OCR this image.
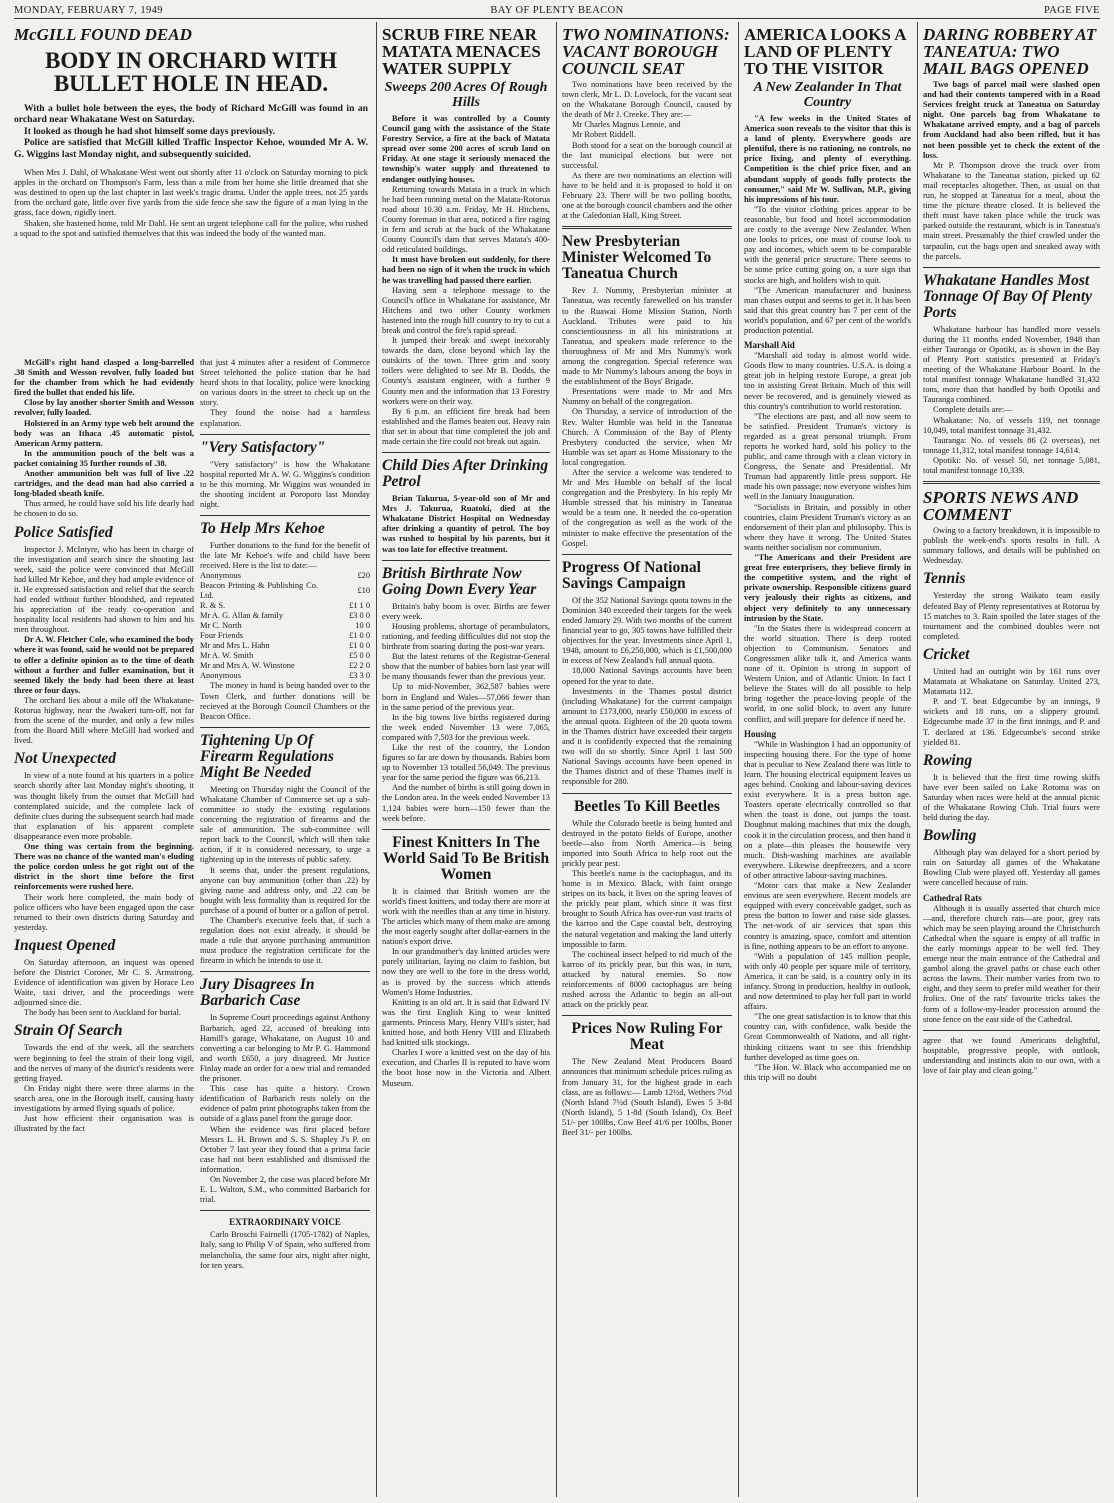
MONDAY, FEBRUARY 7, 1949	BAY OF PLENTY BEACON	PAGE FIVE
McGILL FOUND DEAD
BODY IN ORCHARD WITH BULLET HOLE IN HEAD.

With a bullet hole between the eyes, the body of Richard McGill was found in an orchard near Whakatane West on Saturday.

It looked as though he had shot himself some days previously.

Police are satisfied that McGill killed Traffic Inspector Kehoe, wounded Mr A. W. G. Wiggins last Monday night, and subsequently suicided.

When Mrs J. Dahl, of Whakatane West went out shortly after 11 o'clock on Saturday morning to pick apples in the orchard on Thompson's Farm, less than a mile from her home she little dreamed that she was destined to open up the last chapter in last week's tragic drama. Under the apple trees, not 25 yards from the orchard gate, little over five yards from the side fence she saw the figure of a man lying in the grass, face down, rigidly inert.

Shaken, she hastened home, told Mr Dahl. He sent an urgent telephone call for the police, who rushed a squad to the spot and satisfied themselves that this was indeed the body of the wanted man.

McGill's right hand clasped a long-barrelled .38 Smith and Wesson revolver, fully loaded but for the chamber from which he had evidently fired the bullet that ended his life.

Close by lay another shorter Smith and Wesson revolver, fully loaded.

Holstered in an Army type web belt around the body was an Ithaca .45 automatic pistol, American Army pattern.

In the ammunition pouch of the belt was a packet containing 35 further rounds of .38.

Another ammunition belt was full of live .22 cartridges, and the dead man had also carried a long-bladed sheath knife.

Thus armed, he could have sold his life dearly had he chosen to do so.

Police Satisfied

Inspector J. McIntyre, who has been in charge of the investigation and search since the shooting last week, said the police were convinced that McGill had killed Mr Kehoe, and they had ample evidence of it. He expressed satisfaction and relief that the search had ended without further bloodshed, and repeated his appreciation of the ready co-operation and hospitality local residents had shown to him and his men throughout.

Dr A. W. Fletcher Cole, who examined the body where it was found, said he would not be prepared to offer a definite opinion as to the time of death without a further and fuller examination, but it seemed likely the body had been there at least three or four days.

The orchard lies about a mile off the Whakatane-Rotorua highway, near the Awakeri turn-off, not far from the scene of the murder, and only a few miles from the Board Mill where McGill had worked and lived.

Not Unexpected

In view of a note found at his quarters in a police search shortly after last Monday night's shooting, it was thought likely from the outset that McGill had contemplated suicide, and the complete lack of definite clues during the subsequent search had made that explanation of his apparent complete disappearance even more probable.

One thing was certain from the beginning. There was no chance of the wanted man's eluding the police cordon unless he got right out of the district in the short time before the first reinforcements were rushed here.

Their work here completed, the main body of police officers who have been engaged upon the case returned to their own districts during Saturday and yesterday.

Inquest Opened

On Saturday afternoon, an inquest was opened before the District Coroner, Mr C. S. Armstrong. Evidence of identification was given by Horace Leo Waite, taxi driver, and the proceedings were adjourned since die.

The body has been sent to Auckland for burial.

Strain Of Search

Towards the end of the week, all the searchers were beginning to feel the strain of their long vigil, and the nerves of many of the district's residents were getting frayed.

On Friday night there were three alarms in the search area, one in the Borough itself, causing hasty investigations by armed flying squads of police.

Just how efficient their organisation was is illustrated by the fact

that just 4 minutes after a resident of Commerce Street telehoned the police station that he had heard shots in that locality, police were knocking on various doors in the street to check up on the story.

They found the noise had a harmless explanation.

"Very Satisfactory"

"Very satisfactory" is how the Whakatane hospital reported Mr A. W. G. Wiggins's condition to be this morning. Mr Wiggins was wounded in the shooting incident at Poroporo last Monday night.

To Help Mrs Kehoe

Further donations to the fund for the benefit of the late Mr Kehoe's wife and child have been received. Here is the list to date:—

Anonymous	£20
Beacon Printing & Publishing Co. Ltd.	£10
R. & S.	£1 1 0
Mr A. G. Allan & family	£3 0 0
Mr C. North	10 0
Four Friends	£1 0 0
Mr and Mrs L. Hahn	£1 0 0
Mr A. W. Smith	£5 0 0
Mr and Mrs A. W. Winstone	£2 2 0
Anonymous	£3 3 0

The money in hand is being handed over to the Town Clerk, and further donations will be recieved at the Borough Council Chambers or the Beacon Office.

Tightening Up Of Firearm Regulations Might Be Needed

Meeting on Thursday night the Council of the Whakatane Chamber of Commerce set up a sub-committee to study the existing regulations concerning the registration of firearms and the sale of ammunition. The sub-committee will report back to the Council, which will then take action, if it is considered necessary, to urge a tightening up in the interests of public safety.

It seems that, under the present regulations, anyone can buy ammunition (other than .22) by giving name and address only, and .22 can be bought with less formality than is required for the purchase of a pound of butter or a gallon of petrol.

The Chamber's executive feels that, if such a regulation does not exist already, it should be made a rule that anyone purchasing ammunition must produce the registration certificate for the firearm in which he intends to use it.

Jury Disagrees In Barbarich Case

In Supreme Court proceedings against Anthony Barbarich, aged 22, accused of breaking into Hamill's garage, Whakatane, on August 10 and converting a car belonging to Mr P. G. Hammond and worth £650, a jury disagreed. Mr Justice Finlay made an order for a new trial and remanded the prisoner.

This case has quite a history. Crown identification of Barbarich rests solely on the evidence of palm print photographs taken from the outside of a glass panel from the garage door.

When the evidence was first placed before Messrs L. H. Brown and S. S. Shapley J's P. on October 7 last year they found that a prima facie case had not been established and dismissed the information.

On November 2, the case was placed before Mr E. L. Walton, S.M., who committed Barbarich for trial.

EXTRAORDINARY VOICE

Carlo Broschi Fairnelli (1705-1782) of Naples, Italy, sang to Philip V of Spain, who suffered from melancholia, the same four airs, night after night, for ten years.

SCRUB FIRE NEAR MATATA MENACES WATER SUPPLY
Sweeps 200 Acres Of Rough Hills

Before it was controlled by a County Council gang with the assistance of the State Forestry Service, a fire at the back of Matata spread over some 200 acres of scrub land on Friday. At one stage it seriously menaced the township's water supply and threatened to endanger outlying houses.

Returning towards Matata in a truck in which he had been running metal on the Matata-Rotorua road about 10.30 a.m. Friday, Mr H. Hitchens, County foreman in that area, noticed a fire raging in fern and scrub at the back of the Whakatane County Council's dam that serves Matata's 400-odd reticulated buildings.

It must have broken out suddenly, for there had been no sign of it when the truck in which he was travelling had passed there earlier.

Having sent a telephone message to the Council's office in Whakatane for assistance, Mr Hitchens and two other County workmen hastened into the rough hill country to try to cut a break and control the fire's rapid spread.

It jumped their break and swept inexorably towards the dam, close beyond which lay the outskirts of the town. Three grim and sooty toilers were delighted to see Mr B. Dodds, the County's assistant engineer, with a further 9 County men and the information that 13 Forestry workers were on their way.

By 6 p.m. an efficient fire break had been established and the flames beaten out. Heavy rain that set in about that time completed the job and made certain the fire could not break out again.

Child Dies After Drinking Petrol

Brian Takurua, 5-year-old son of Mr and Mrs J. Takurua, Ruatoki, died at the Whakatane District Hospital on Wednesday after drinking a quantity of petrol. The boy was rushed to hospital by his parents, but it was too late for effective treatment.

British Birthrate Now Going Down Every Year

Britain's baby boom is over. Births are fewer every week.

Housing problems, shortage of perambulators, rationing, and feeding difficulties did not stop the birthrate from soaring during the post-war years.

But the latest returns of the Registrar-General show that the number of babies born last year will be many thousands fewer than the previous year.

Up to mid-November, 362,587 babies were born in England and Wales—57,066 fewer than in the same period of the previous year.

In the big towns live births registered during the week ended November 13 were 7,065, compared with 7,503 for the previous week.

Like the rest of the country, the London figures so far are down by thousands. Babies born up to November 13 totalled 56,049. The previous year for the same period the figure was 66,213.

And the number of births is still going down in the London area. In the week ended November 13 1,124 babies were born—150 fewer than the week before.

Finest Knitters In The World Said To Be British Women

It is claimed that British women are the world's finest knitters, and today there are more at work with the needles than at any time in history. The articles which many of them make are among the most eagerly sought after dollar-earners in the nation's export drive.

In our grandmother's day knitted articles were purely utilitarian, laying no claim to fashion, but now they are well to the fore in the dress world, as is proved by the success which attends Women's Home Industries.

Knitting is an old art. It is said that Edward IV was the first English King to wear knitted garments. Princess Mary, Henry VIII's sister, had knitted hose, and both Henry VIII and Elizabeth had knitted silk stockings.

Charles I wore a knitted vest on the day of his execution, and Charles II is reputed to have worn the boot hose now in the Victoria and Albert Museum.

TWO NOMINATIONS: VACANT BOROUGH COUNCIL SEAT

Two nominations have been received by the town clerk, Mr L. D. Lovelock, for the vacant seat on the Whakatane Borough Council, caused by the death of Mr J. Creeke. They are:—

Mr Charles Magnus Lennie, and

Mr Robert Riddell.

Both stood for a seat on the borough council at the last municipal elections but were not successful.

As there are two nominations an election will have to be held and it is proposed to hold it on February 23. There will be two polling booths, one at the borough council chambers and the other at the Caledonian Hall, King Street.

New Presbyterian Minister Welcomed To Taneatua Church

Rev J. Nummy, Presbyterian minister at Taneatua, was recently farewelled on his transfer to the Ruawai Home Mission Station, North Auckland. Tributes were paid to his conscientiousness in all his ministrations at Taneatua, and speakers made reference to the thoroughness of Mr and Mrs Nummy's work among the congregation. Special reference was made to Mr Nummy's labours among the boys in the establishment of the Boys' Brigade.

Presentations were made to Mr and Mrs Nummy on behalf of the congregation.

On Thursday, a service of introduction of the Rev. Walter Humble was held in the Taneatua Church. A Commission of the Bay of Plenty Presbytery conducted the service, when Mr Humble was set apart as Home Missionary to the local congregation.

After the service a welcome was tendered to Mr and Mrs Humble on behalf of the local congregation and the Presbytery. In his reply Mr Humble stressed that his ministry in Taneatua would be a team one. It needed the co-operation of the congregation as well as the work of the minister to make effective the presentation of the Gospel.

Progress Of National Savings Campaign

Of the 352 National Savings quota towns in the Dominion 340 exceeded their targets for the week ended January 29. With two months of the current financial year to go, 305 towns have fulfilled their objectives for the year. Investments since April 1, 1948, amount to £6,250,000, which is £1,500,000 in excess of New Zealand's full annual quota.

18,000 National Savings accounts have been opened for the year to date.

Investments in the Thames postal district (including Whakatane) for the current campaign amount to £173,000, nearly £50,000 in excess of the annual quota. Eighteen of the 20 quota towns in the Thames district have exceeded their targets and it is confidently expected that the remaining two will do so shortly. Since April 1 last 500 National Savings accounts have been opened in the Thames district and of these Thames itself is responsible for 280.

Beetles To Kill Beetles

While the Colorado beetle is being hunted and destroyed in the potato fields of Europe, another beetle—also from North America—is being imported into South Africa to help root out the prickly pear pest.

This beetle's name is the cactophagus, and its home is in Mexico. Black, with faint orange stripes on its back, it lives on the spring leaves of the prickly pear plant, which since it was first brought to South Africa has over-run vast tracts of the karroo and the Cape coastal belt, destroying the natural vegetation and making the land utterly impossible to farm.

The cochineal insect helped to rid much of the karroo of its prickly pear, but this was, in turn, attacked by natural enemies. So now reinforcements of 8000 cactophagus are being rushed across the Atlantic to begin an all-out attack on the prickly pear.

Prices Now Ruling For Meat

The New Zealand Meat Producers Board announces that minimum schedule prices ruling as from January 31, for the highest grade in each class, are as follows:— Lamb 12½d, Wethers 7½d (North Island 7½d (South Island), Ewes 5 3-8d (North Island), 5 1-8d (South Island), Ox Beef 51/- per 100lbs, Cow Beef 41/6 per 100lbs, Boner Beef 31/- per 100lbs.

AMERICA LOOKS A LAND OF PLENTY TO THE VISITOR
A New Zealander In That Country

"A few weeks in the United States of America soon reveals to the visitor that this is a land of plenty. Everywhere goods are plentiful, there is no rationing, no controls, no price fixing, and plenty of everything. Competition is the chief price fixer, and an abundant supply of goods fully protects the consumer," said Mr W. Sullivan, M.P., giving his impressions of his tour.

"To the visitor clothing prices appear to be reasonable, but food and hotel accommodation are costly to the average New Zealander. When one looks to prices, one must of course look to pay and incomes, which seem to be comparable with the general price structure. There seems to be some price cutting going on, a sure sign that stocks are high, and holders wish to quit.

"The American manufacturer and business man chases output and seems to get it. It has been said that this great country has 7 per cent of the world's population, and 67 per cent of the world's production potential.

Marshall Aid

"Marshall aid today is almost world wide. Goods flow to many countries. U.S.A. is doing a great job in helping restore Europe, a great job too in assisting Great Britain. Much of this will never be recovered, and is genuinely viewed as this country's contribution to world restoration.

"The elections are past, and all now seem to be satisfied. President Truman's victory is regarded as a great personal triumph. From reports he worked hard, sold his policy to the public, and came through with a clean victory in Congress, the Senate and Presidential. Mr Truman had apparently little press support. He made his own passage; now everyone wishes him well in the January Inauguration.

"Socialists in Britain, and possibly in other countries, claim President Truman's victory as an endorsement of their plan and philosophy. This is where they have it wrong. The United States wants neither socialism nor communism.

"The Americans and their President are great free enterprisers, they believe firmly in the competitive system, and the right of private ownership. Responsible citizens guard very jealously their rights as citizens, and object very definitely to any unnecessary intrusion by the State.

"In the States there is widespread concern at the world situation. There is deep rooted objection to Communism. Senators and Congressmen alike talk it, and America wants none of it. Opinion is strong in support of Western Union, and of Atlantic Union. In fact I believe the States will do all possible to help bring together the peace-loving people of the world, in one solid block, to avert any future conflict, and will prepare for defence if need be.

Housing

"While in Washington I had an opportunity of inspecting housing there. For the type of home that is peculiar to New Zealand there was little to learn. The housing electrical equipment leaves us ages behind. Cooking and labour-saving devices exist everywhere. It is a press button age. Toasters operate electrically controlled so that when the toast is done, out jumps the toast. Doughnut making machines that mix the dough, cook it in the circulation process, and then hand it on a plate—this pleases the housewife very much. Dish-washing machines are available everywhere. Likewise deepfreezers, and a score of other attractive labour-saving machines.

"Motor cars that make a New Zealander envious are seen everywhere. Recent models are equipped with every conceivable gadget, such as press the button to lower and raise side glasses. The net-work of air services that span this country is amazing, space, comfort and attention is fine, nothing appears to be an effort to anyone.

"With a population of 145 million people, with only 40 people per square mile of territory, America, it can be said, is a country only in its infancy. Strong in production, healthy in outlook, and now determined to play her full part in world affairs.

"The one great satisfaction is to know that this country can, with confidence, walk beside the Great Commonwealth of Nations, and all right-thinking citizens want to see this friendship further developed as time goes on.

"The Hon. W. Black who accompanied me on this trip will no doubt

DARING ROBBERY AT TANEATUA: TWO MAIL BAGS OPENED

Two bags of parcel mail were slashed open and had their contents tampered with in a Road Services freight truck at Taneatua on Saturday night. One parcels bag from Whakatane to Whakatane arrived empty, and a bag of parcels from Auckland had also been rifled, but it has not been possible yet to check the extent of the loss.

Mr P. Thompson drove the truck over from Whakatane to the Taneatua station, picked up 62 mail receptacles altogether. Then, as usual on that run, he stopped at Taneatua for a meal, about the time the picture theatre closed. It is believed the theft must have taken place while the truck was parked outside the restaurant, which is in Taneatua's main street. Presumably the thief crawled under the tarpaulin, cut the bags open and sneaked away with the parcels.

Whakatane Handles Most Tonnage Of Bay Of Plenty Ports

Whakatane harbour has handled more vessels during the 11 months ended November, 1948 than either Tauranga or Opotiki, as is shown in the Bay of Plenty Port statistics presented at Friday's meeting of the Whakatane Harbour Board. In the total manifest tonnage Whakatane handled 31,432 tons, more than that handled by both Opotiki and Tauranga combined.

Complete details are:—

Whakatane: No. of vessels 119, net tonnage 10,049, total manifest tonnage 31,432.

Tauranga: No. of vessels 86 (2 overseas), net tonnage 11,312, total manifest tonnage 14,614.

Opotiki: No. of vessel 50, net tonnage 5,081, total manifest tonnage 10,339.

SPORTS NEWS AND COMMENT

Owing to a factory breakdown, it is impossible to publish the week-end's sports results in full. A summary follows, and details will be published on Wednesday.

Tennis

Yesterday the strong Waikato team easily defeated Bay of Plenty representatives at Rotorua by 15 matches to 3. Rain spoiled the later stages of the tournament and the combined doubles were not completed.

Cricket

United had an outright win by 161 runs over Matamata at Whakatane on Saturday. United 273, Matamata 112.

P. and T. beat Edgecumbe by an innings, 9 wickets and 18 runs, on a slippery ground. Edgecumbe made 37 in the first innings, and P. and T. declared at 136. Edgecumbe's second strike yielded 81.

Rowing

It is believed that the first time rowing skiffs have ever been sailed on Lake Rotoma was on Saturday when races were held at the annual picnic of the Whakatane Rowing Club. Trial fours were held during the day.

Bowling

Although play was delayed for a short period by rain on Saturday all games of the Whakatane Bowling Club were played off. Yesterday all games were cancelled because of rain.

Cathedral Rats

Although it is usually asserted that church mice—and, therefore church rats—are poor, grey rats which may be seen playing around the Christchurch Cathedral when the square is empty of all traffic in the early mornings appear to be well fed. They emerge near the main entrance of the Cathedral and gambol along the gravel paths or chase each other across the lawns. Their number varies from two to eight, and they seem to prefer mild weather for their frolics. One of the rats' favourite tricks takes the form of a follow-my-leader procession around the stone fence on the east side of the Cathedral.

agree that we found Americans delightful, hospitable, progressive people, with outlook, understanding and instincts akin to our own, with a love of fair play and clean going."
